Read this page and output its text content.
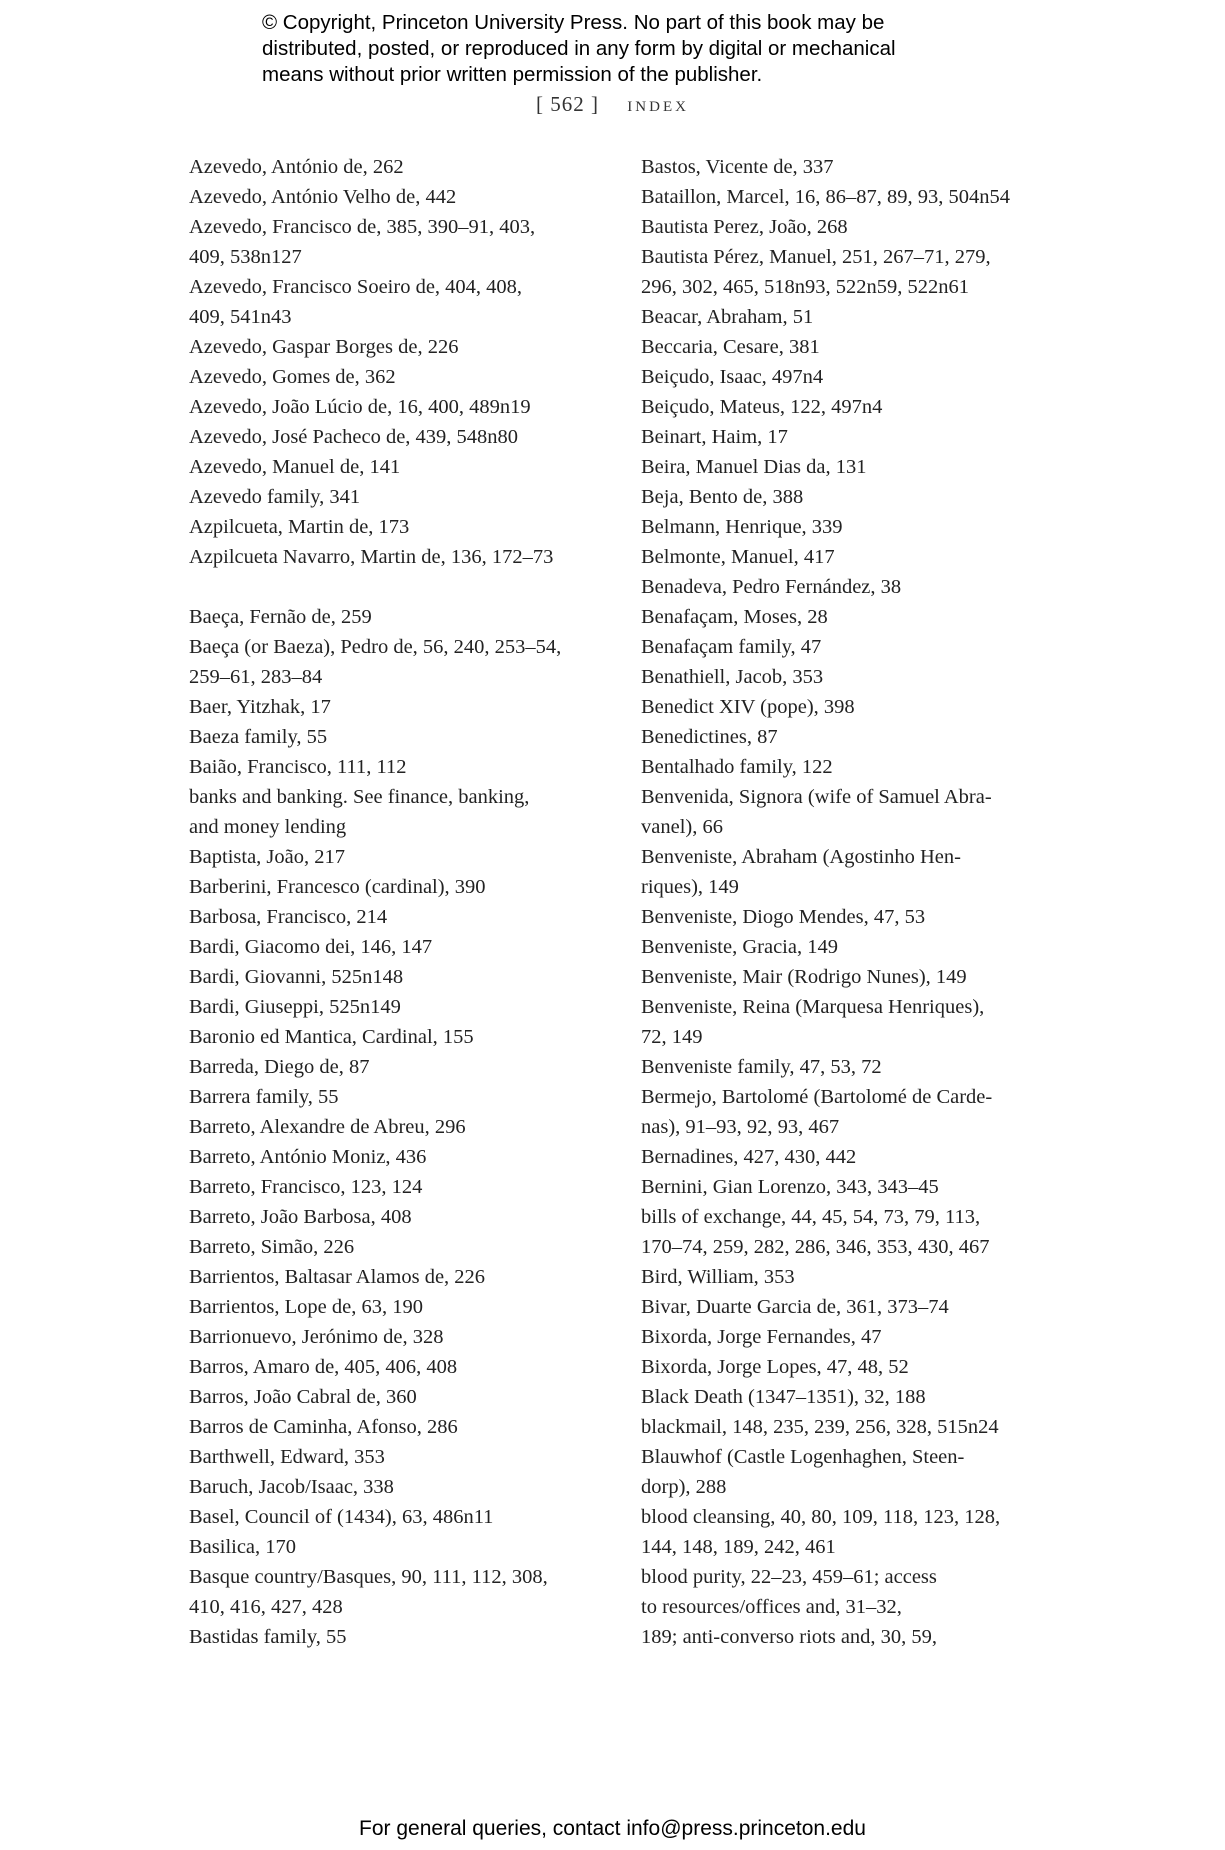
© Copyright, Princeton University Press. No part of this book may be
distributed, posted, or reproduced in any form by digital or mechanical
means without prior written permission of the publisher.
[ 562 ] index
Azevedo, António de, 262
Azevedo, António Velho de, 442
Azevedo, Francisco de, 385, 390–91, 403,
409, 538n127
Azevedo, Francisco Soeiro de, 404, 408,
409, 541n43
Azevedo, Gaspar Borges de, 226
Azevedo, Gomes de, 362
Azevedo, João Lúcio de, 16, 400, 489n19
Azevedo, José Pacheco de, 439, 548n80
Azevedo, Manuel de, 141
Azevedo family, 341
Azpilcueta, Martin de, 173
Azpilcueta Navarro, Martin de, 136, 172–73
Baeça, Fernão de, 259
Baeça (or Baeza), Pedro de, 56, 240, 253–54,
259–61, 283–84
Baer, Yitzhak, 17
Baeza family, 55
Baião, Francisco, 111, 112
banks and banking. See finance, banking,
and money lending
Baptista, João, 217
Barberini, Francesco (cardinal), 390
Barbosa, Francisco, 214
Bardi, Giacomo dei, 146, 147
Bardi, Giovanni, 525n148
Bardi, Giuseppi, 525n149
Baronio ed Mantica, Cardinal, 155
Barreda, Diego de, 87
Barrera family, 55
Barreto, Alexandre de Abreu, 296
Barreto, António Moniz, 436
Barreto, Francisco, 123, 124
Barreto, João Barbosa, 408
Barreto, Simão, 226
Barrientos, Baltasar Alamos de, 226
Barrientos, Lope de, 63, 190
Barrionuevo, Jerónimo de, 328
Barros, Amaro de, 405, 406, 408
Barros, João Cabral de, 360
Barros de Caminha, Afonso, 286
Barthwell, Edward, 353
Baruch, Jacob/Isaac, 338
Basel, Council of (1434), 63, 486n11
Basilica, 170
Basque country/Basques, 90, 111, 112, 308,
410, 416, 427, 428
Bastidas family, 55
Bastos, Vicente de, 337
Bataillon, Marcel, 16, 86–87, 89, 93, 504n54
Bautista Perez, João, 268
Bautista Pérez, Manuel, 251, 267–71, 279,
296, 302, 465, 518n93, 522n59, 522n61
Beacar, Abraham, 51
Beccaria, Cesare, 381
Beiçudo, Isaac, 497n4
Beiçudo, Mateus, 122, 497n4
Beinart, Haim, 17
Beira, Manuel Dias da, 131
Beja, Bento de, 388
Belmann, Henrique, 339
Belmonte, Manuel, 417
Benadeva, Pedro Fernández, 38
Benafaçam, Moses, 28
Benafaçam family, 47
Benathiell, Jacob, 353
Benedict XIV (pope), 398
Benedictines, 87
Bentalhado family, 122
Benvenida, Signora (wife of Samuel Abra-
vanel), 66
Benveniste, Abraham (Agostinho Hen-
riques), 149
Benveniste, Diogo Mendes, 47, 53
Benveniste, Gracia, 149
Benveniste, Mair (Rodrigo Nunes), 149
Benveniste, Reina (Marquesa Henriques),
72, 149
Benveniste family, 47, 53, 72
Bermejo, Bartolomé (Bartolomé de Carde-
nas), 91–93, 92, 93, 467
Bernadines, 427, 430, 442
Bernini, Gian Lorenzo, 343, 343–45
bills of exchange, 44, 45, 54, 73, 79, 113,
170–74, 259, 282, 286, 346, 353, 430, 467
Bird, William, 353
Bivar, Duarte Garcia de, 361, 373–74
Bixorda, Jorge Fernandes, 47
Bixorda, Jorge Lopes, 47, 48, 52
Black Death (1347–1351), 32, 188
blackmail, 148, 235, 239, 256, 328, 515n24
Blauwhof (Castle Logenhaghen, Steen-
dorp), 288
blood cleansing, 40, 80, 109, 118, 123, 128,
144, 148, 189, 242, 461
blood purity, 22–23, 459–61; access
to resources/offices and, 31–32,
189; anti-converso riots and, 30, 59,
For general queries, contact info@press.princeton.edu
